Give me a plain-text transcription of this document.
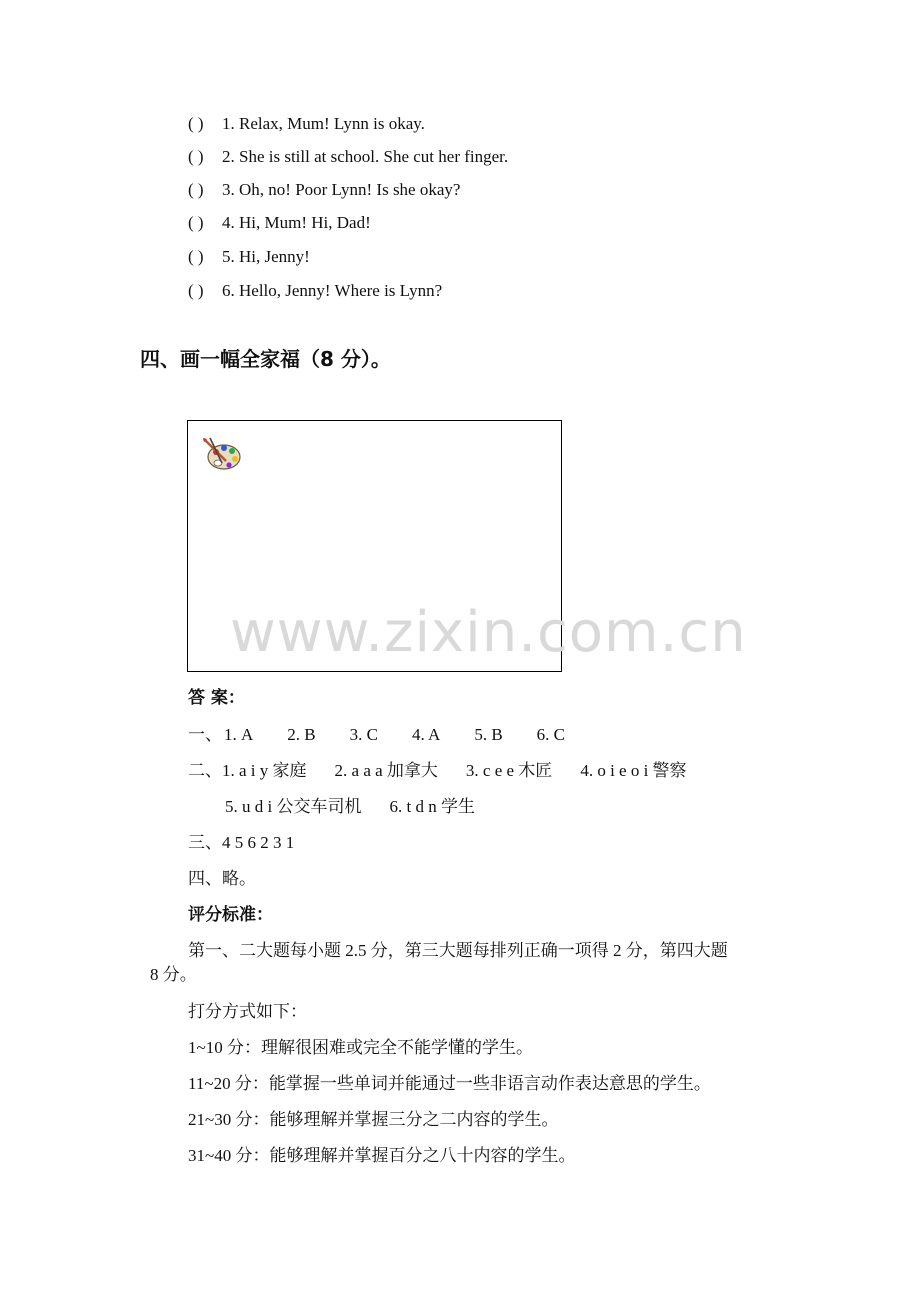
( ) 1. Relax, Mum! Lynn is okay.
( ) 2. She is still at school. She cut her finger.
( ) 3. Oh, no! Poor Lynn! Is she okay?
( ) 4. Hi, Mum! Hi, Dad!
( ) 5. Hi, Jenny!
( ) 6. Hello, Jenny! Where is Lynn?
四、画一幅全家福（8 分）。
www.zixin.com.cn
答 案：
一、 1. A 2. B 3. C 4. A 5. B 6. C
二、1. a i y 家庭 2. a a a 加拿大 3. c e e 木匠 4. o i e o i 警察
5. u d i 公交车司机 6. t d n 学生
三、4 5 6 2 3 1
四、略。
评分标准：
第一、二大题每小题 2.5 分，第三大题每排列正确一项得 2 分，第四大题
8 分。
打分方式如下：
1~10 分：理解很困难或完全不能学懂的学生。
11~20 分：能掌握一些单词并能通过一些非语言动作表达意思的学生。
21~30 分：能够理解并掌握三分之二内容的学生。
31~40 分：能够理解并掌握百分之八十内容的学生。
